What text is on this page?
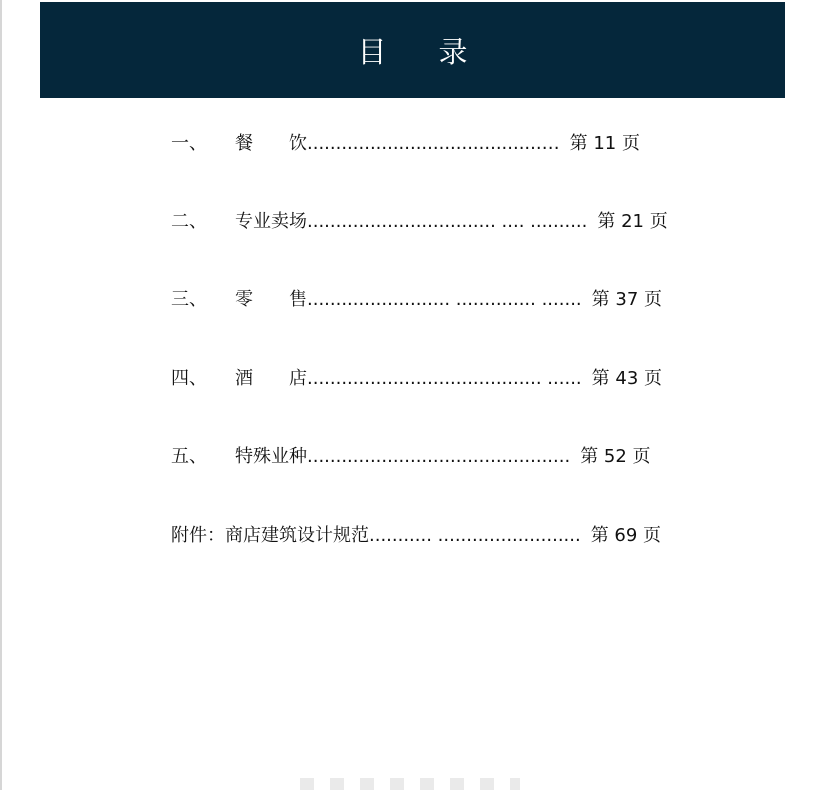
目录
一、 餐　　饮.........................................… 第 11 页
二、 专业卖场................................. .... .......... 第 21 页
三、 零　　售......................... .............. ....... 第 37 页
四、 酒　　店......................................... ...... 第 43 页
五、 特殊业种.............................................. 第 52 页
附件：商店建筑设计规范........... ......................... 第 69 页
